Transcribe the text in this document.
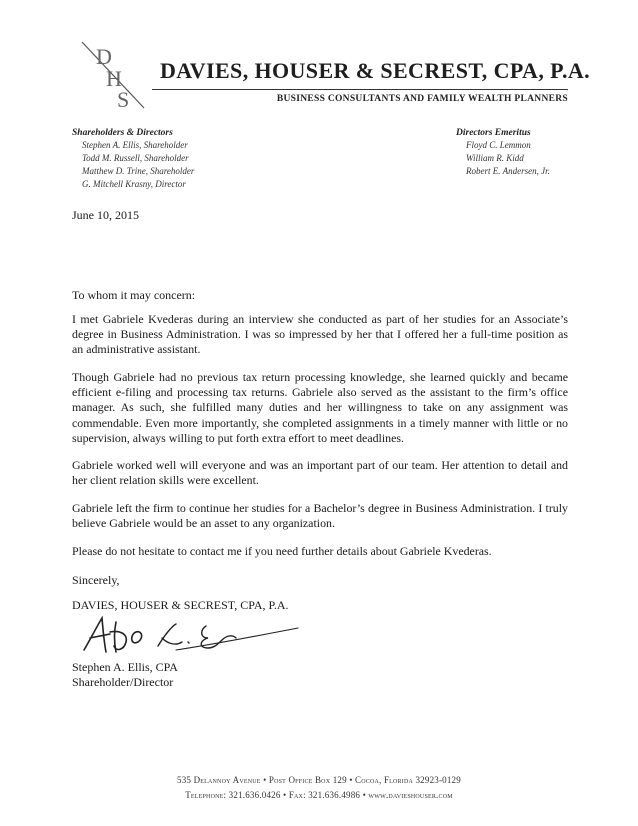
D
H
S
DAVIES, HOUSER & SECREST, CPA, P.A.
BUSINESS CONSULTANTS AND FAMILY WEALTH PLANNERS

Shareholders & Directors

Stephen A. Ellis, Shareholder
Todd M. Russell, Shareholder
Matthew D. Trine, Shareholder
G. Mitchell Krasny, Director

Directors Emeritus

Floyd C. Lemmon
William R. Kidd
Robert E. Andersen, Jr.

June 10, 2015

To whom it may concern:

I met Gabriele Kvederas during an interview she conducted as part of her studies for an Associate’s degree in Business Administration. I was so impressed by her that I offered her a full-time position as an administrative assistant.

Though Gabriele had no previous tax return processing knowledge, she learned quickly and became efficient e-filing and processing tax returns. Gabriele also served as the assistant to the firm’s office manager. As such, she fulfilled many duties and her willingness to take on any assignment was commendable. Even more importantly, she completed assignments in a timely manner with little or no supervision, always willing to put forth extra effort to meet deadlines.

Gabriele worked well will everyone and was an important part of our team. Her attention to detail and her client relation skills were excellent.

Gabriele left the firm to continue her studies for a Bachelor’s degree in Business Administration. I truly believe Gabriele would be an asset to any organization.

Please do not hesitate to contact me if you need further details about Gabriele Kvederas.

Sincerely,

DAVIES, HOUSER & SECREST, CPA, P.A.

Stephen A. Ellis, CPA

Shareholder/Director

535 Delannoy Avenue • Post Office Box 129 • Cocoa, Florida 32923-0129

Telephone: 321.636.0426 • Fax: 321.636.4986 • www.davieshouser.com
